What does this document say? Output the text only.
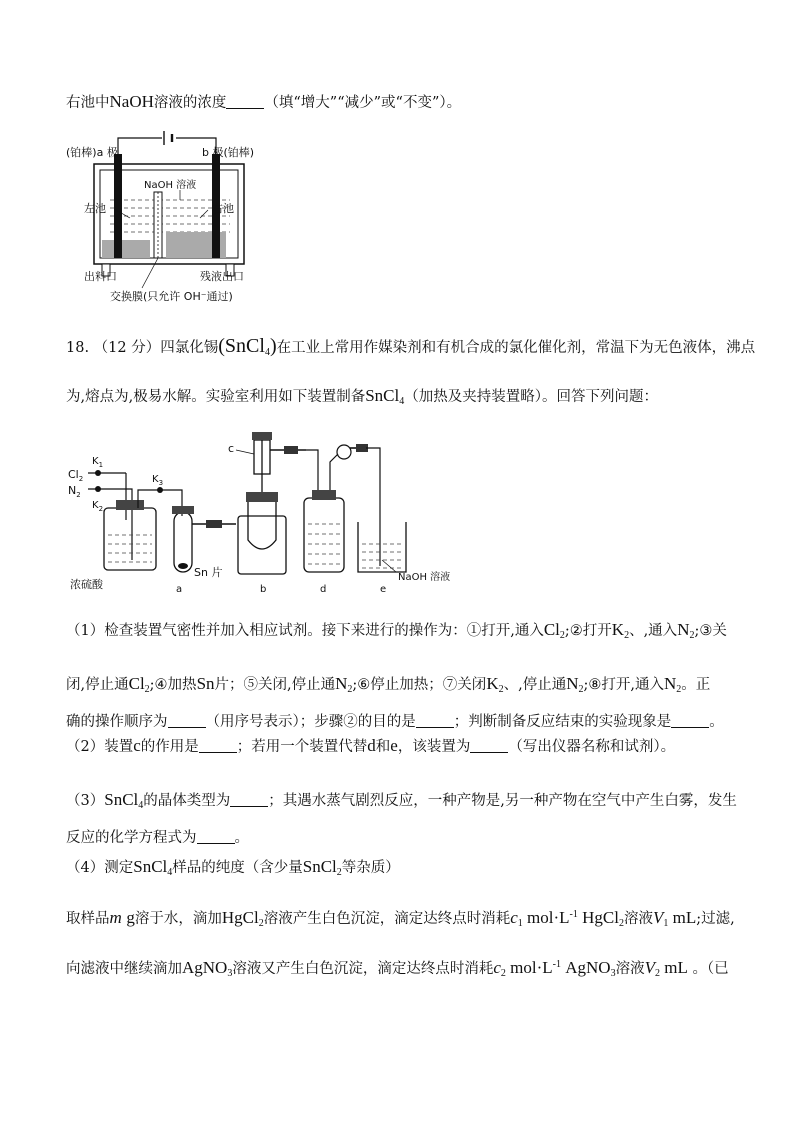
右池中NaOH溶液的浓度	（填“增大”“减少”或“不变”）。
(铂棒)a 极	b 极(铂棒)
NaOH 溶液
左池	右池
出料口	残液出口
交换膜(只允许 OH⁻通过)
18. （12 分）四氯化锡(SnCl$_4$)在工业上常用作媒染剂和有机合成的氯化催化剂，常温下为无色液体，沸点
为,熔点为,极易水解。实验室利用如下装置制备SnCl$_4$（加热及夹持装置略）。回答下列问题：
$Cl_2$
$N_2$
$K_1$
$K_2$
$K_3$
c
浓硫酸
Sn 片
a	b	d	e
NaOH 溶液
（1）检查装置气密性并加入相应试剂。接下来进行的操作为：①打开,通入$Cl_2;②$打开$K_2$、,通入$N_2;③$关
闭,停止通$Cl_2;④$加热Sn片；⑤关闭,停止通$N_2;⑥$停止加热；⑦关闭$K_2$、,停止通$N_2;⑧$打开,通入$N_2$。正
确的操作顺序为	（用序号表示）；步骤②的目的是	；判断制备反应结束的实验现象是	。
（2）装置c的作用是	；若用一个装置代替d和e，该装置为	（写出仪器名称和试剂）。
（3）SnCl$_4$的晶体类型为	；其遇水蒸气剧烈反应，一种产物是,另一种产物在空气中产生白雾，发生
反应的化学方程式为	。
（4）测定SnCl$_4$样品的纯度（含少量SnCl$_2$等杂质）
取样品m g溶于水，滴加HgCl$_2$溶液产生白色沉淀，滴定达终点时消耗$c_1$ $mol\cdot L^{-1}$ HgCl$_2$溶液$V_1$ mL;过滤,
向滤液中继续滴加AgNO$_3$溶液又产生白色沉淀，滴定达终点时消耗$c_2$ $mol\cdot L^{-1}$ AgNO$_3$溶液$V_2$ mL 。（已
